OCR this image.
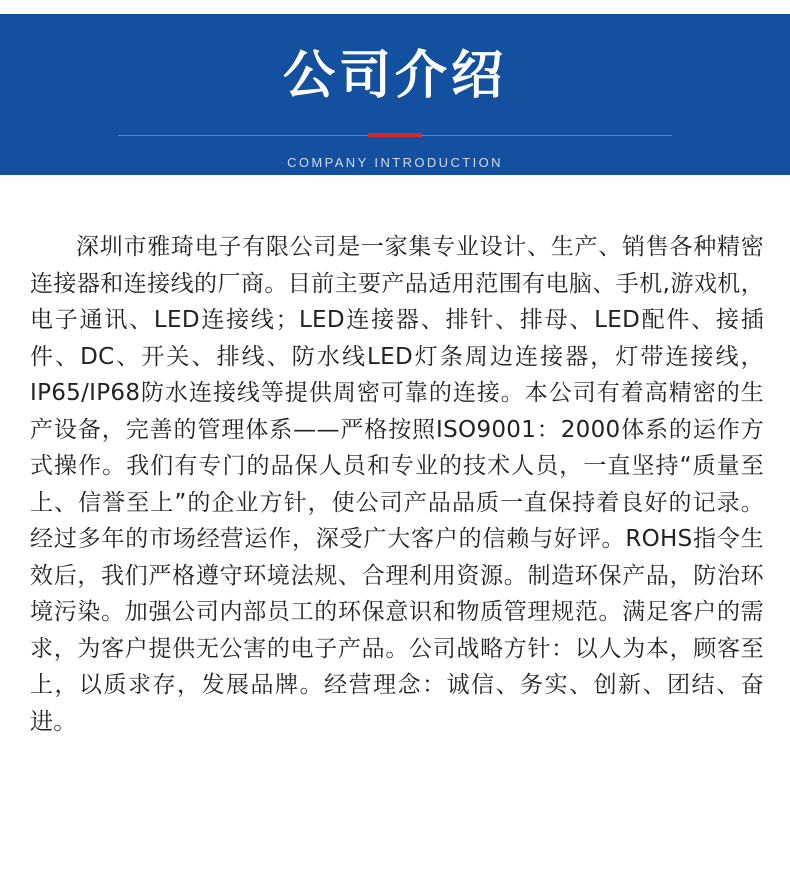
公司介绍
COMPANY INTRODUCTION

深圳市雅琦电子有限公司是一家集专业设计、生产、销售各种精密连接器和连接线的厂商。目前主要产品适用范围有电脑、手机,游戏机，电子通讯、LED连接线；LED连接器、排针、排母、LED配件、接插件、DC、开关、排线、防水线LED灯条周边连接器，灯带连接线，IP65/IP68防水连接线等提供周密可靠的连接。本公司有着高精密的生产设备，完善的管理体系——严格按照ISO9001：2000体系的运作方式操作。我们有专门的品保人员和专业的技术人员，一直坚持“质量至上、信誉至上”的企业方针，使公司产品品质一直保持着良好的记录。经过多年的市场经营运作，深受广大客户的信赖与好评。ROHS指令生效后，我们严格遵守环境法规、合理利用资源。制造环保产品，防治环境污染。加强公司内部员工的环保意识和物质管理规范。满足客户的需求，为客户提供无公害的电子产品。公司战略方针：以人为本，顾客至上，以质求存，发展品牌。经营理念：诚信、务实、创新、团结、奋进。
